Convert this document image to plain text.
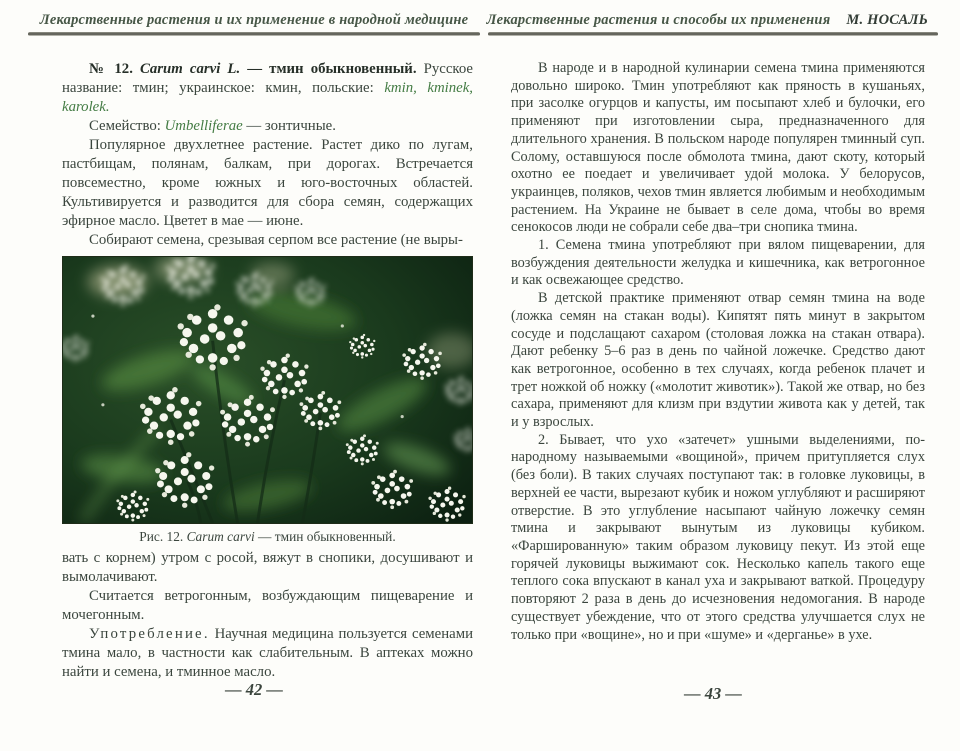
Лекарственные растения и их применение в народной медицине

№ 12. Carum carvi L. — тмин обыкновенный. Русское название: тмин; украинское: кмин, польские: kmin, kminek, karolek.

Семейство: Umbelliferae — зонтичные.

Популярное двухлетнее растение. Растет дико по лугам, пастбищам, полянам, балкам, при дорогах. Встречается повсеместно, кроме южных и юго-восточных областей. Культивируется и разводится для сбора семян, содержащих эфирное масло. Цветет в мае — июне.

Собирают семена, срезывая серпом все растение (не выры-

Рис. 12. Carum carvi — тмин обыкновенный.

вать с корнем) утром с росой, вяжут в снопики, досушивают и вымолачивают.

Считается ветрогонным, возбуждающим пищеварение и мочегонным.

Употребление. Научная медицина пользуется семенами тмина мало, в частности как слабительным. В аптеках можно найти и семена, и тминное масло.

— 42 —
Лекарственные растения и способы их применения М. НОСАЛЬ

В народе и в народной кулинарии семена тмина применяются довольно широко. Тмин употребляют как пряность в кушаньях, при засолке огурцов и капусты, им посыпают хлеб и булочки, его применяют при изготовлении сыра, предназначенного для длительного хранения. В польском народе популярен тминный суп. Солому, оставшуюся после обмолота тмина, дают скоту, который охотно ее поедает и увеличивает удой молока. У белорусов, украинцев, поляков, чехов тмин является любимым и необходимым растением. На Украине не бывает в селе дома, чтобы во время сенокосов люди не собрали себе два–три снопика тмина.

1. Семена тмина употребляют при вялом пищеварении, для возбуждения деятельности желудка и кишечника, как ветрогонное и как освежающее средство.

В детской практике применяют отвар семян тмина на воде (ложка семян на стакан воды). Кипятят пять минут в закрытом сосуде и подслащают сахаром (столовая ложка на стакан отвара). Дают ребенку 5–6 раз в день по чайной ложечке. Средство дают как ветрогонное, особенно в тех случаях, когда ребенок плачет и трет ножкой об ножку («молотит животик»). Такой же отвар, но без сахара, применяют для клизм при вздутии живота как у детей, так и у взрослых.

2. Бывает, что ухо «затечет» ушными выделениями, по-народному называемыми «вощиной», причем притупляется слух (без боли). В таких случаях поступают так: в головке луковицы, в верхней ее части, вырезают кубик и ножом углубляют и расширяют отверстие. В это углубление насыпают чайную ложечку семян тмина и закрывают вынутым из луковицы кубиком. «Фаршированную» таким образом луковицу пекут. Из этой еще горячей луковицы выжимают сок. Несколько капель такого еще теплого сока впускают в канал уха и закрывают ваткой. Процедуру повторяют 2 раза в день до исчезновения недомогания. В народе существует убеждение, что от этого средства улучшается слух не только при «вощине», но и при «шуме» и «дерганье» в ухе.

— 43 —
